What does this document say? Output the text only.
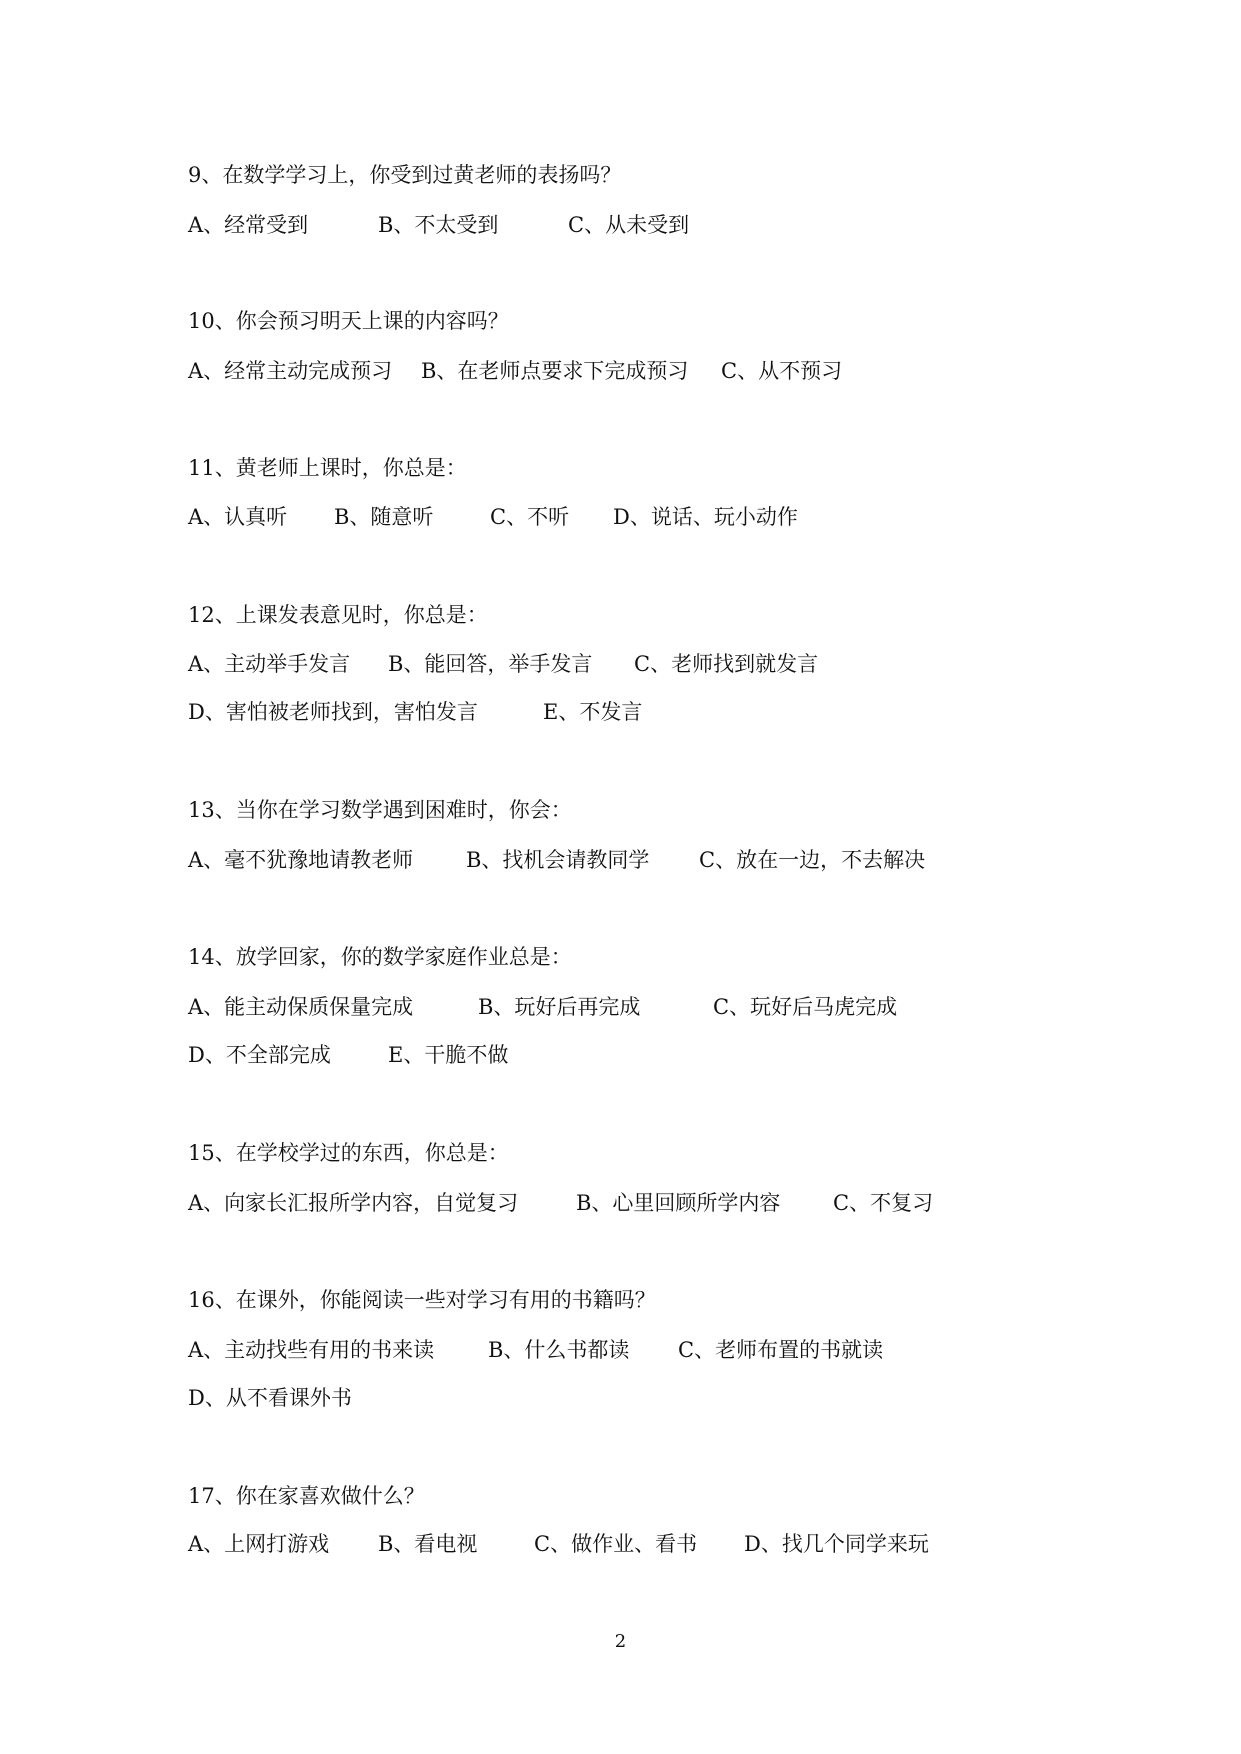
9、在数学学习上，你受到过黄老师的表扬吗？
A、经常受到	B、不太受到	C、从未受到
10、你会预习明天上课的内容吗？
A、经常主动完成预习 B、在老师点要求下完成预习 C、从不预习
11、黄老师上课时，你总是：
A、认真听 B、随意听	C、不听 D、说话、玩小动作
12、上课发表意见时，你总是：
A、主动举手发言 B、能回答，举手发言 C、老师找到就发言
D、害怕被老师找到，害怕发言	E、不发言
13、当你在学习数学遇到困难时，你会：
A、毫不犹豫地请教老师	B、找机会请教同学 C、放在一边，不去解决
14、放学回家，你的数学家庭作业总是：
A、能主动保质保量完成	B、玩好后再完成	C、玩好后马虎完成
D、不全部完成	E、干脆不做
15、在学校学过的东西，你总是：
A、向家长汇报所学内容，自觉复习	B、心里回顾所学内容	C、不复习
16、在课外，你能阅读一些对学习有用的书籍吗？
A、主动找些有用的书来读	B、什么书都读 C、老师布置的书就读
D、从不看课外书
17、你在家喜欢做什么？
A、上网打游戏 B、看电视	C、做作业、看书 D、找几个同学来玩
2
